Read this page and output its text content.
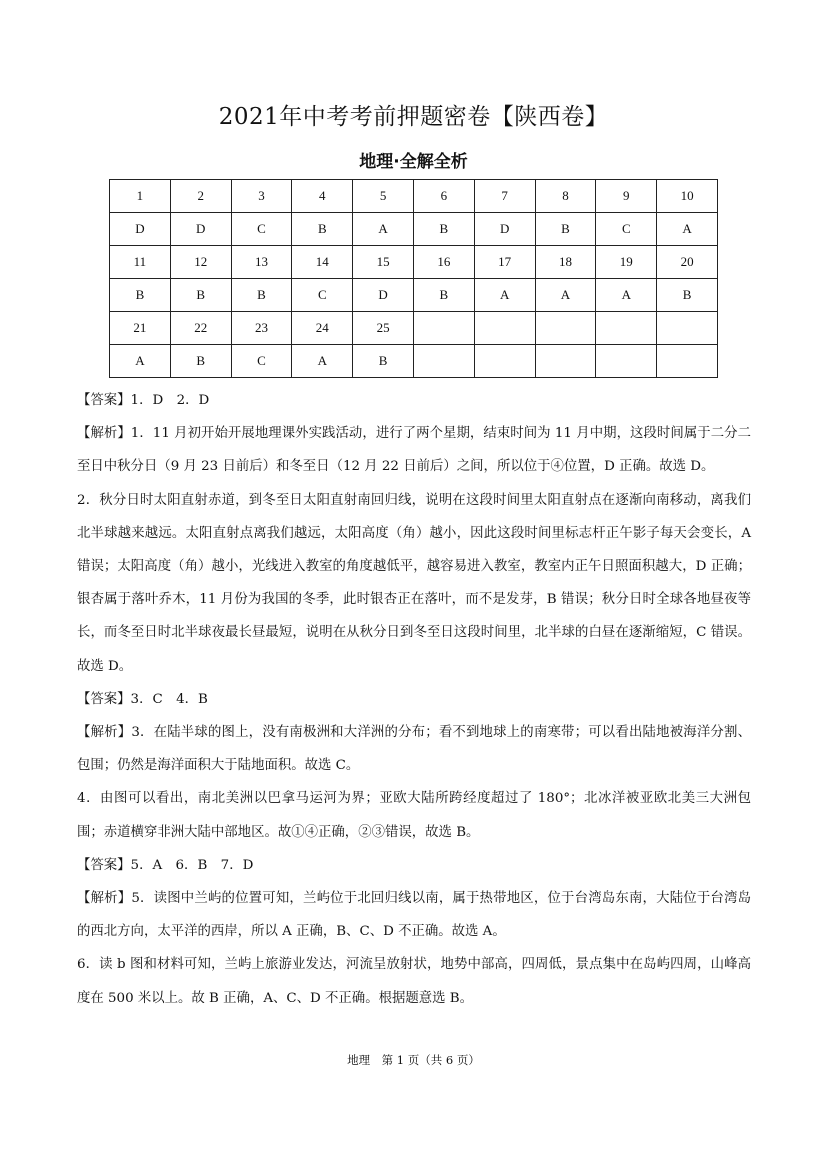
2021年中考考前押题密卷【陕西卷】
地理·全解全析
1	2	3	4	5	6	7	8	9	10
D	D	C	B	A	B	D	B	C	A
11	12	13	14	15	16	17	18	19	20
B	B	B	C	D	B	A	A	A	B
21	22	23	24	25					
A	B	C	A	B					

【答案】1．D　2．D

【解析】1．11 月初开始开展地理课外实践活动，进行了两个星期，结束时间为 11 月中期，这段时间属于二分二至日中秋分日（9 月 23 日前后）和冬至日（12 月 22 日前后）之间，所以位于④位置，D 正确。故选 D。

2．秋分日时太阳直射赤道，到冬至日太阳直射南回归线，说明在这段时间里太阳直射点在逐渐向南移动，离我们北半球越来越远。太阳直射点离我们越远，太阳高度（角）越小，因此这段时间里标志杆正午影子每天会变长，A 错误；太阳高度（角）越小，光线进入教室的角度越低平，越容易进入教室，教室内正午日照面积越大，D 正确；银杏属于落叶乔木，11 月份为我国的冬季，此时银杏正在落叶，而不是发芽，B 错误；秋分日时全球各地昼夜等长，而冬至日时北半球夜最长昼最短，说明在从秋分日到冬至日这段时间里，北半球的白昼在逐渐缩短，C 错误。故选 D。

【答案】3．C　4．B

【解析】3．在陆半球的图上，没有南极洲和大洋洲的分布；看不到地球上的南寒带；可以看出陆地被海洋分割、包围；仍然是海洋面积大于陆地面积。故选 C。

4．由图可以看出，南北美洲以巴拿马运河为界；亚欧大陆所跨经度超过了 180°；北冰洋被亚欧北美三大洲包围；赤道横穿非洲大陆中部地区。故①④正确，②③错误，故选 B。

【答案】5．A　6．B　7．D

【解析】5．读图中兰屿的位置可知，兰屿位于北回归线以南，属于热带地区，位于台湾岛东南，大陆位于台湾岛的西北方向，太平洋的西岸，所以 A 正确，B、C、D 不正确。故选 A。

6．读 b 图和材料可知，兰屿上旅游业发达，河流呈放射状，地势中部高，四周低，景点集中在岛屿四周，山峰高度在 500 米以上。故 B 正确，A、C、D 不正确。根据题意选 B。

地理　第 1 页（共 6 页）
